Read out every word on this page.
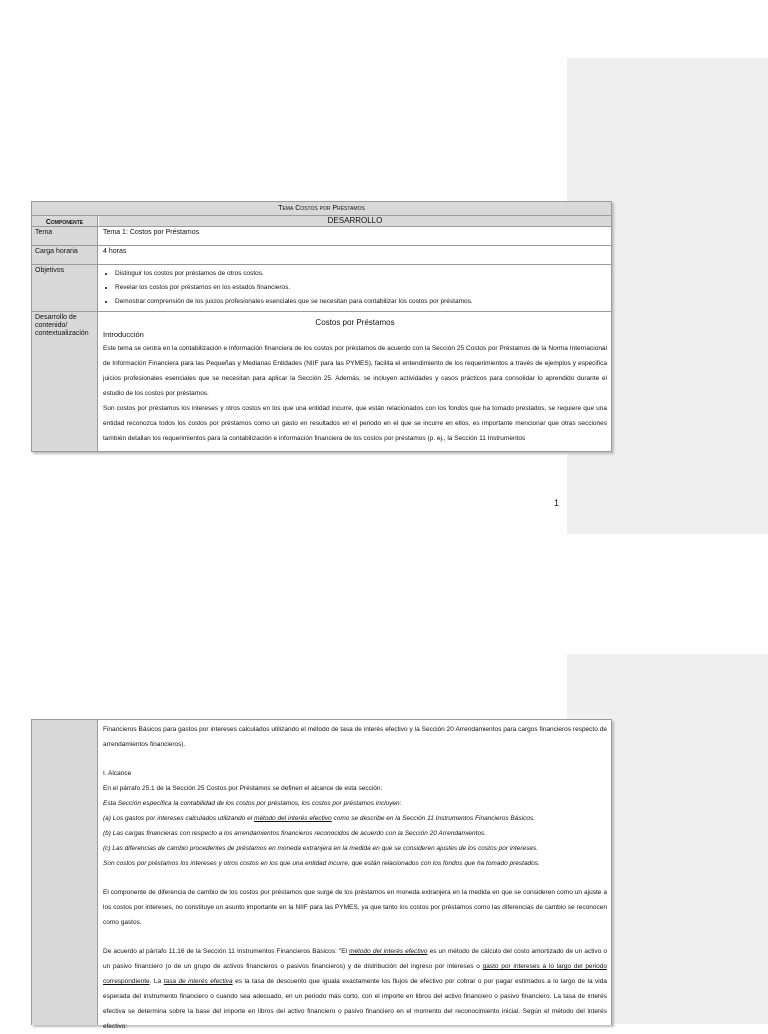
Tema Costos por Préstamos
Componente	DESARROLLO
Tema	Tema 1: Costos por Préstamos
Carga horaria	4 horas
Objetivos
•	Distinguir los costos por préstamos de otros costos.
• Revelar los costos por préstamos en los estados financieros.
• Demostrar comprensión de los juicios profesionales esenciales que se necesitan para contabilizar los costos por préstamos.
Desarrollo de contenido/ contextualización
Costos por Préstamos
Introducción

Este tema se centra en la contabilización e información financiera de los costos por préstamos de acuerdo con la Sección 25 Costos por Préstamos de la Norma Internacional de Información Financiera para las Pequeñas y Medianas Entidades (NIIF para las PYMES), facilita el entendimiento de los requerimientos a través de ejemplos y especifica juicios profesionales esenciales que se necesitan para aplicar la Sección 25. Además, se incluyen actividades y casos prácticos para consolidar lo aprendido durante el estudio de los costos por préstamos.

Son costos por préstamos los intereses y otros costos en los que una entidad incurre, que están relacionados con los fondos que ha tomado prestados, se requiere que una entidad reconozca todos los costos por préstamos como un gasto en resultados en el periodo en el que se incurre en ellos, es importante mencionar que otras secciones también detallan los requerimientos para la contabilización e información financiera de los costos por préstamos (p. ej., la Sección 11 Instrumentos

1

Financieros Básicos para gastos por intereses calculados utilizando el método de tasa de interés efectivo y la Sección 20 Arrendamientos para cargos financieros respecto de arrendamientos financieros).

I. Alcance

En el párrafo 25.1 de la Sección 25 Costos por Préstamos se definen el alcance de esta sección:

Esta Sección especifica la contabilidad de los costos por préstamos, los costos por préstamos incluyen:

(a) Los gastos por intereses calculados utilizando el método del interés efectivo como se describe en la Sección 11 Instrumentos Financieros Básicos.

(b) Las cargas financieras con respecto a los arrendamientos financieros reconocidos de acuerdo con la Sección 20 Arrendamientos.

(c) Las diferencias de cambio procedentes de préstamos en moneda extranjera en la medida en que se consideren ajustes de los costos por intereses.

Son costos por préstamos los intereses y otros costos en los que una entidad incurre, que están relacionados con los fondos que ha tomado prestados.

El componente de diferencia de cambio de los costos por préstamos que surge de los préstamos en moneda extranjera en la medida en que se consideren como un ajuste a los costos por intereses, no constituye un asunto importante en la NIIF para las PYMES, ya que tanto los costos por préstamos como las diferencias de cambio se reconocen como gastos.

De acuerdo al párrafo 11.16 de la Sección 11 Instrumentos Financieros Básicos: "El método del interés efectivo es un método de cálculo del costo amortizado de un activo o un pasivo financiero (o de un grupo de activos financieros o pasivos financieros) y de distribución del ingreso por intereses o gasto por intereses a lo largo del periodo correspondiente. La tasa de interés efectiva es la tasa de descuento que iguala exactamente los flujos de efectivo por cobrar o por pagar estimados a lo largo de la vida esperada del instrumento financiero o cuando sea adecuado, en un periodo más corto, con el importe en libros del activo financiero o pasivo financiero. La tasa de interés efectiva se determina sobre la base del importe en libros del activo financiero o pasivo financiero en el momento del reconocimiento inicial. Según el método del interés efectivo:
